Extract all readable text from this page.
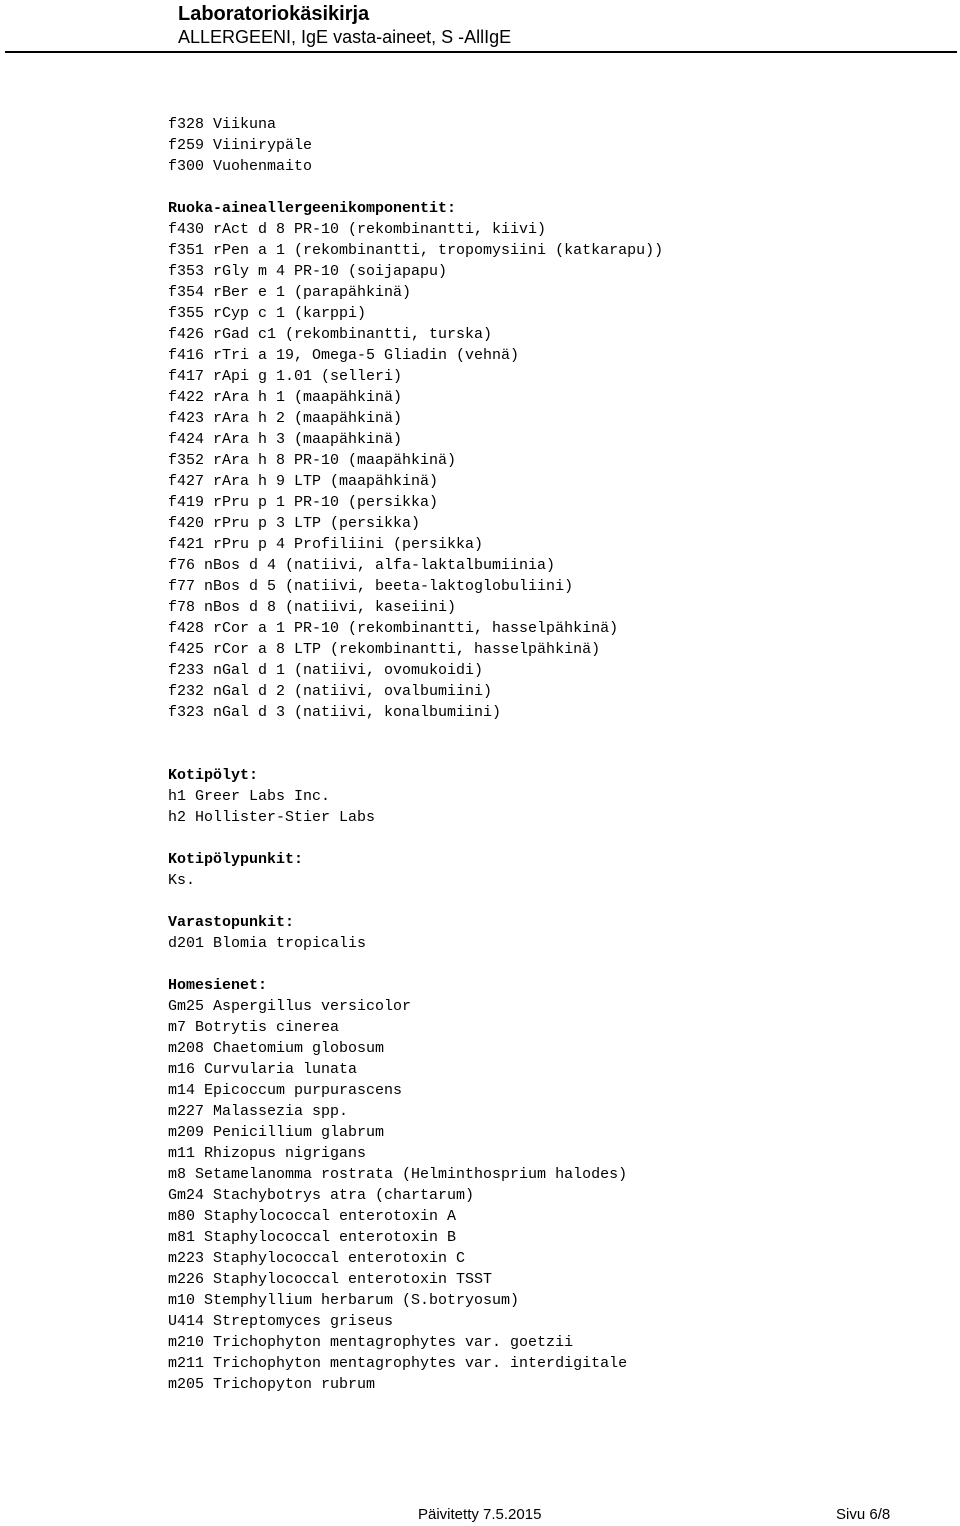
Laboratoriokäsikirja
ALLERGEENI, IgE vasta-aineet, S -AllIgE
f328 Viikuna
f259 Viinirypäle
f300 Vuohenmaito
Ruoka-aineallergeenikomponentit:
f430 rAct d 8 PR-10 (rekombinantti, kiivi)
f351 rPen a 1 (rekombinantti, tropomysiini (katkarapu))
f353 rGly m 4 PR-10 (soijapapu)
f354 rBer e 1 (parapähkinä)
f355 rCyp c 1 (karppi)
f426 rGad c1 (rekombinantti, turska)
f416 rTri a 19, Omega-5 Gliadin (vehnä)
f417 rApi g 1.01 (selleri)
f422 rAra h 1 (maapähkinä)
f423 rAra h 2 (maapähkinä)
f424 rAra h 3 (maapähkinä)
f352 rAra h 8 PR-10 (maapähkinä)
f427 rAra h 9 LTP (maapähkinä)
f419 rPru p 1 PR-10 (persikka)
f420 rPru p 3 LTP (persikka)
f421 rPru p 4 Profiliini (persikka)
f76 nBos d 4 (natiivi, alfa-laktalbumiinia)
f77 nBos d 5 (natiivi, beeta-laktoglobuliini)
f78 nBos d 8 (natiivi, kaseiini)
f428 rCor a 1 PR-10 (rekombinantti, hasselpähkinä)
f425 rCor a 8 LTP (rekombinantti, hasselpähkinä)
f233 nGal d 1 (natiivi, ovomukoidi)
f232 nGal d 2 (natiivi, ovalbumiini)
f323 nGal d 3 (natiivi, konalbumiini)
Kotipölyt:
h1 Greer Labs Inc.
h2 Hollister-Stier Labs
Kotipölypunkit:
Ks.
Varastopunkit:
d201 Blomia tropicalis
Homesienet:
Gm25 Aspergillus versicolor
m7 Botrytis cinerea
m208 Chaetomium globosum
m16 Curvularia lunata
m14 Epicoccum purpurascens
m227 Malassezia spp.
m209 Penicillium glabrum
m11 Rhizopus nigrigans
m8 Setamelanomma rostrata (Helminthosprium halodes)
Gm24 Stachybotrys atra (chartarum)
m80 Staphylococcal enterotoxin A
m81 Staphylococcal enterotoxin B
m223 Staphylococcal enterotoxin C
m226 Staphylococcal enterotoxin TSST
m10 Stemphyllium herbarum (S.botryosum)
U414 Streptomyces griseus
m210 Trichophyton mentagrophytes var. goetzii
m211 Trichophyton mentagrophytes var. interdigitale
m205 Trichopyton rubrum
Päivitetty 7.5.2015	Sivu 6/8
